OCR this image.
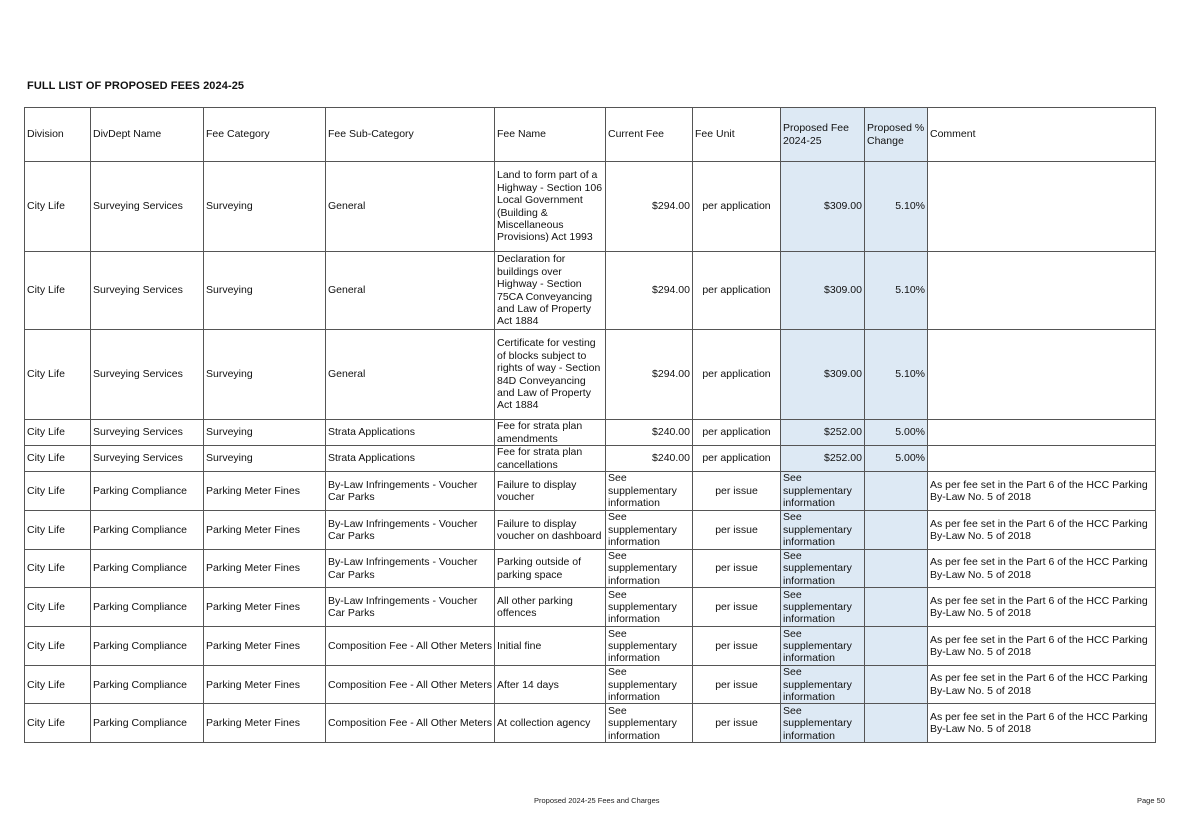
FULL LIST OF PROPOSED FEES 2024-25
Division	DivDept Name	Fee Category	Fee Sub-Category	Fee Name	Current Fee	Fee Unit	Proposed Fee 2024-25	Proposed % Change	Comment
City Life	Surveying Services	Surveying	General	Land to form part of a Highway - Section 106 Local Government (Building & Miscellaneous Provisions) Act 1993	$294.00	per application	$309.00	5.10%	
City Life	Surveying Services	Surveying	General	Declaration for buildings over Highway - Section 75CA Conveyancing and Law of Property Act 1884	$294.00	per application	$309.00	5.10%	
City Life	Surveying Services	Surveying	General	Certificate for vesting of blocks subject to rights of way - Section 84D Conveyancing and Law of Property Act 1884	$294.00	per application	$309.00	5.10%	
City Life	Surveying Services	Surveying	Strata Applications	Fee for strata plan amendments	$240.00	per application	$252.00	5.00%	
City Life	Surveying Services	Surveying	Strata Applications	Fee for strata plan cancellations	$240.00	per application	$252.00	5.00%	
City Life	Parking Compliance	Parking Meter Fines	By-Law Infringements - Voucher Car Parks	Failure to display voucher	See supplementary information	per issue	See supplementary information		As per fee set in the Part 6 of the HCC Parking By-Law No. 5 of 2018
City Life	Parking Compliance	Parking Meter Fines	By-Law Infringements - Voucher Car Parks	Failure to display voucher on dashboard	See supplementary information	per issue	See supplementary information		As per fee set in the Part 6 of the HCC Parking By-Law No. 5 of 2018
City Life	Parking Compliance	Parking Meter Fines	By-Law Infringements - Voucher Car Parks	Parking outside of parking space	See supplementary information	per issue	See supplementary information		As per fee set in the Part 6 of the HCC Parking By-Law No. 5 of 2018
City Life	Parking Compliance	Parking Meter Fines	By-Law Infringements - Voucher Car Parks	All other parking offences	See supplementary information	per issue	See supplementary information		As per fee set in the Part 6 of the HCC Parking By-Law No. 5 of 2018
City Life	Parking Compliance	Parking Meter Fines	Composition Fee - All Other Meters	Initial fine	See supplementary information	per issue	See supplementary information		As per fee set in the Part 6 of the HCC Parking By-Law No. 5 of 2018
City Life	Parking Compliance	Parking Meter Fines	Composition Fee - All Other Meters	After 14 days	See supplementary information	per issue	See supplementary information		As per fee set in the Part 6 of the HCC Parking By-Law No. 5 of 2018
City Life	Parking Compliance	Parking Meter Fines	Composition Fee - All Other Meters	At collection agency	See supplementary information	per issue	See supplementary information		As per fee set in the Part 6 of the HCC Parking By-Law No. 5 of 2018
Proposed 2024-25 Fees and Charges	Page 50
